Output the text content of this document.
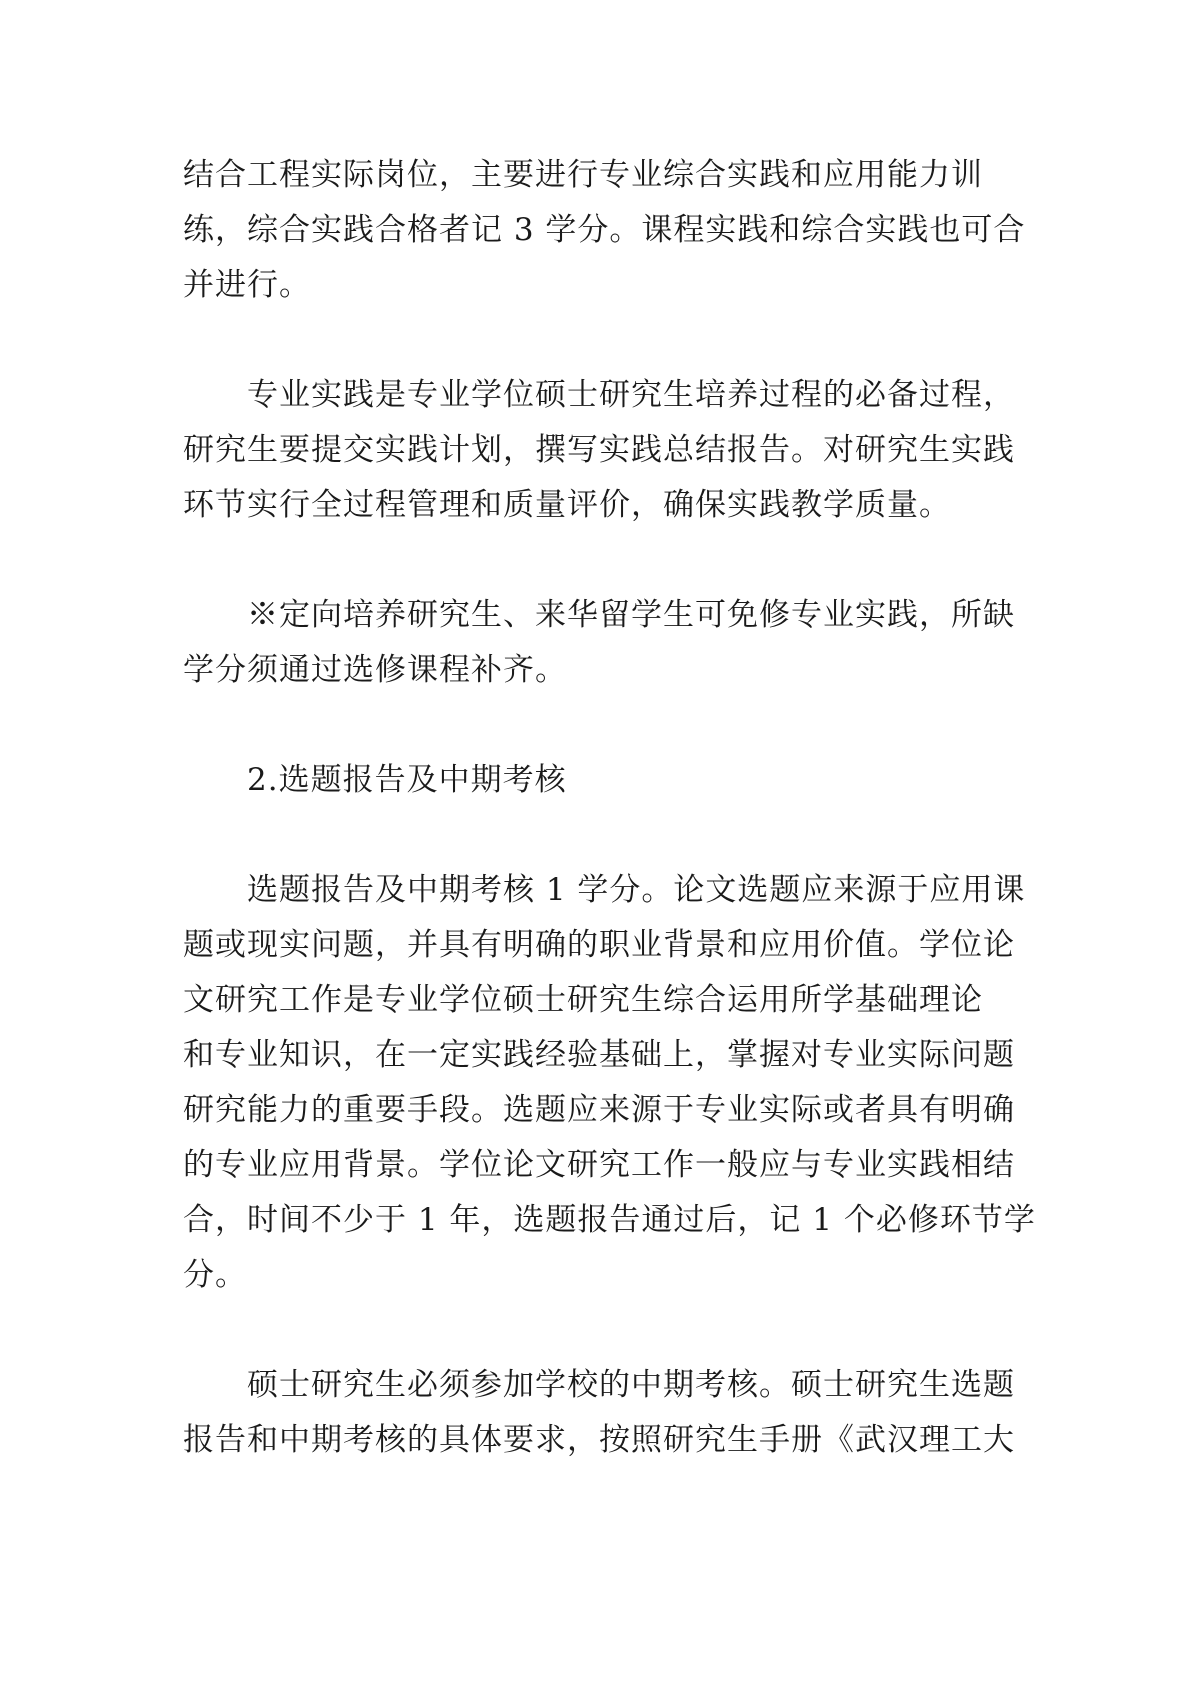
结合工程实际岗位，主要进行专业综合实践和应用能力训
练，综合实践合格者记 3 学分。课程实践和综合实践也可合
并进行。

专业实践是专业学位硕士研究生培养过程的必备过程，
研究生要提交实践计划，撰写实践总结报告。对研究生实践
环节实行全过程管理和质量评价，确保实践教学质量。

※定向培养研究生、来华留学生可免修专业实践，所缺
学分须通过选修课程补齐。

2.选题报告及中期考核

选题报告及中期考核 1 学分。论文选题应来源于应用课
题或现实问题，并具有明确的职业背景和应用价值。学位论
文研究工作是专业学位硕士研究生综合运用所学基础理论
和专业知识，在一定实践经验基础上，掌握对专业实际问题
研究能力的重要手段。选题应来源于专业实际或者具有明确
的专业应用背景。学位论文研究工作一般应与专业实践相结
合，时间不少于 1 年，选题报告通过后，记 1 个必修环节学
分。

硕士研究生必须参加学校的中期考核。硕士研究生选题
报告和中期考核的具体要求，按照研究生手册《武汉理工大
